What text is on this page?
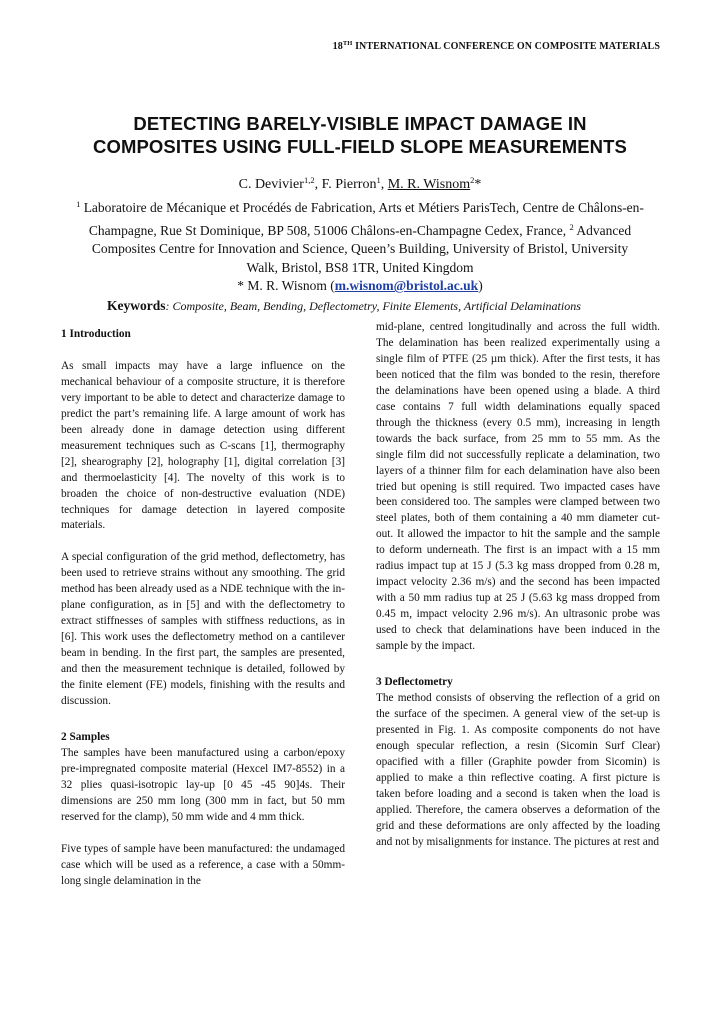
18TH INTERNATIONAL CONFERENCE ON COMPOSITE MATERIALS
DETECTING BARELY-VISIBLE IMPACT DAMAGE IN
COMPOSITES USING FULL-FIELD SLOPE MEASUREMENTS
C. Devivier$^{1,2}$, F. Pierron$^1$, M. R. Wisnom$^2$*
$^1$ Laboratoire de Mécanique et Procédés de Fabrication, Arts et Métiers ParisTech, Centre de Châlons-en-Champagne, Rue St Dominique, BP 508, 51006 Châlons-en-Champagne Cedex, France, $^2$ Advanced Composites Centre for Innovation and Science, Queen’s Building, University of Bristol, University Walk, Bristol, BS8 1TR, United Kingdom
* M. R. Wisnom (m.wisnom@bristol.ac.uk)
Keywords: Composite, Beam, Bending, Deflectometry, Finite Elements, Artificial Delaminations

1 Introduction

As small impacts may have a large influence on the mechanical behaviour of a composite structure, it is therefore very important to be able to detect and characterize damage to predict the part’s remaining life. A large amount of work has been already done in damage detection using different measurement techniques such as C-scans [1], thermography [2], shearography [2], holography [1], digital correlation [3] and thermoelasticity [4]. The novelty of this work is to broaden the choice of non-destructive evaluation (NDE) techniques for damage detection in layered composite materials.

A special configuration of the grid method, deflectometry, has been used to retrieve strains without any smoothing. The grid method has been already used as a NDE technique with the in-plane configuration, as in [5] and with the deflectometry to extract stiffnesses of samples with stiffness reductions, as in [6]. This work uses the deflectometry method on a cantilever beam in bending. In the first part, the samples are presented, and then the measurement technique is detailed, followed by the finite element (FE) models, finishing with the results and discussion.

2 Samples

The samples have been manufactured using a carbon/epoxy pre-impregnated composite material (Hexcel IM7-8552) in a 32 plies quasi-isotropic lay-up [0 45 -45 90]4s. Their dimensions are 250 mm long (300 mm in fact, but 50 mm reserved for the clamp), 50 mm wide and 4 mm thick.

Five types of sample have been manufactured: the undamaged case which will be used as a reference, a case with a 50mm-long single delamination in the

mid-plane, centred longitudinally and across the full width. The delamination has been realized experimentally using a single film of PTFE (25 µm thick). After the first tests, it has been noticed that the film was bonded to the resin, therefore the delaminations have been opened using a blade. A third case contains 7 full width delaminations equally spaced through the thickness (every 0.5 mm), increasing in length towards the back surface, from 25 mm to 55 mm. As the single film did not successfully replicate a delamination, two layers of a thinner film for each delamination have also been tried but opening is still required. Two impacted cases have been considered too. The samples were clamped between two steel plates, both of them containing a 40 mm diameter cut-out. It allowed the impactor to hit the sample and the sample to deform underneath. The first is an impact with a 15 mm radius impact tup at 15 J (5.3 kg mass dropped from 0.28 m, impact velocity 2.36 m/s) and the second has been impacted with a 50 mm radius tup at 25 J (5.63 kg mass dropped from 0.45 m, impact velocity 2.96 m/s). An ultrasonic probe was used to check that delaminations have been induced in the sample by the impact.

3 Deflectometry

The method consists of observing the reflection of a grid on the surface of the specimen. A general view of the set-up is presented in Fig. 1. As composite components do not have enough specular reflection, a resin (Sicomin Surf Clear) opacified with a filler (Graphite powder from Sicomin) is applied to make a thin reflective coating. A first picture is taken before loading and a second is taken when the load is applied. Therefore, the camera observes a deformation of the grid and these deformations are only affected by the loading and not by misalignments for instance. The pictures at rest and
